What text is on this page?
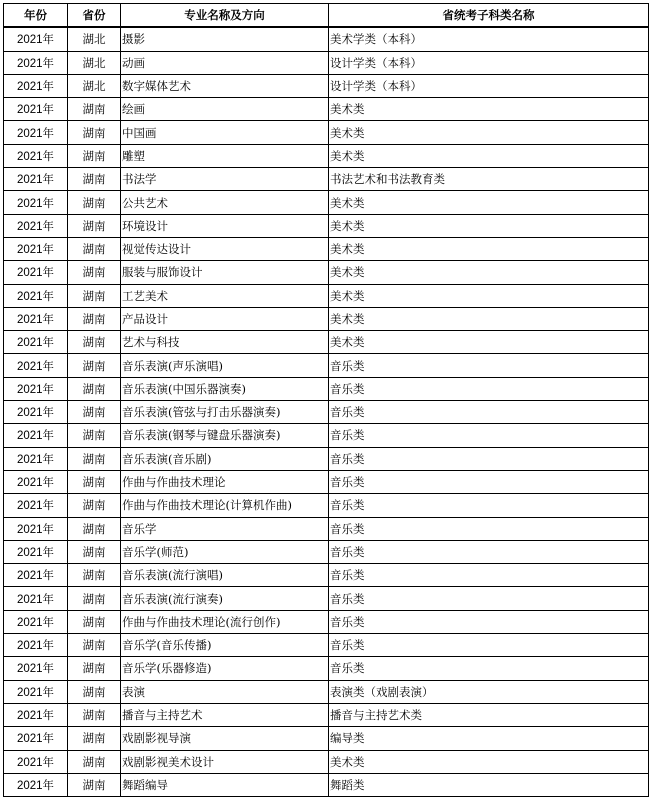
年份	省份	专业名称及方向	省统考子科类名称
2021年	湖北	摄影	美术学类（本科）
2021年	湖北	动画	设计学类（本科）
2021年	湖北	数字媒体艺术	设计学类（本科）
2021年	湖南	绘画	美术类
2021年	湖南	中国画	美术类
2021年	湖南	雕塑	美术类
2021年	湖南	书法学	书法艺术和书法教育类
2021年	湖南	公共艺术	美术类
2021年	湖南	环境设计	美术类
2021年	湖南	视觉传达设计	美术类
2021年	湖南	服装与服饰设计	美术类
2021年	湖南	工艺美术	美术类
2021年	湖南	产品设计	美术类
2021年	湖南	艺术与科技	美术类
2021年	湖南	音乐表演(声乐演唱)	音乐类
2021年	湖南	音乐表演(中国乐器演奏)	音乐类
2021年	湖南	音乐表演(管弦与打击乐器演奏)	音乐类
2021年	湖南	音乐表演(钢琴与键盘乐器演奏)	音乐类
2021年	湖南	音乐表演(音乐剧)	音乐类
2021年	湖南	作曲与作曲技术理论	音乐类
2021年	湖南	作曲与作曲技术理论(计算机作曲)	音乐类
2021年	湖南	音乐学	音乐类
2021年	湖南	音乐学(师范)	音乐类
2021年	湖南	音乐表演(流行演唱)	音乐类
2021年	湖南	音乐表演(流行演奏)	音乐类
2021年	湖南	作曲与作曲技术理论(流行创作)	音乐类
2021年	湖南	音乐学(音乐传播)	音乐类
2021年	湖南	音乐学(乐器修造)	音乐类
2021年	湖南	表演	表演类（戏剧表演）
2021年	湖南	播音与主持艺术	播音与主持艺术类
2021年	湖南	戏剧影视导演	编导类
2021年	湖南	戏剧影视美术设计	美术类
2021年	湖南	舞蹈编导	舞蹈类
